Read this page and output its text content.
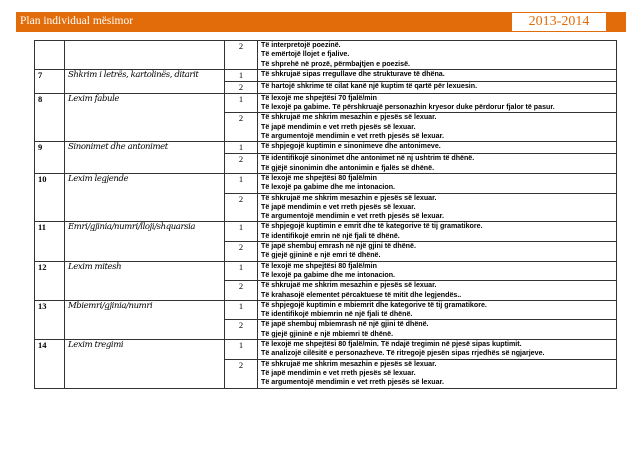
Plan individual mësimor	2013-2014
		2	Të interpretojë poezinë.
Të emërtojë llojet e fjalive.
Të shprehë në prozë, përmbajtjen e poezisë.

7	Shkrim i letrës, kartolinës, ditarit	1	Të shkrujaë sipas rregullave dhe strukturave të dhëna.

		2	Të hartojë shkrime të cilat kanë një kuptim të qartë për lexuesin.

8	Lexim fabule	1	Të lexojë me shpejtësi 70 fjalë/min
Të lexojë pa gabime. Të përshkruajë personazhin kryesor duke përdorur fjalor të pasur.

		2	Të shkrujaë me shkrim mesazhin e pjesës së lexuar.
Të japë mendimin e vet rreth pjesës së lexuar.
Të argumentojë mendimin e vet rreth pjesës së lexuar.

9	Sinonimet dhe antonimet	1	Të shpjegojë kuptimin e sinonimeve dhe antonimeve.

		2	Të identifikojë sinonimet dhe antonimet në nj ushtrim të dhënë.
Të gjëjë sinonimin dhe antonimin e fjalës së dhënë.

10	Lexim legjende	1	Të lexojë me shpejtësi 80 fjalë/min
Të lexojë pa gabime dhe me intonacion.

		2	Të shkrujaë me shkrim mesazhin e pjesës së lexuar.
Të japë mendimin e vet rreth pjesës së lexuar.
Të argumentojë mendimin e vet rreth pjesës së lexuar.

11	Emri/gjinia/numri/lloji/shquarsia	1	Të shpjegojë kuptimin e emrit dhe të kategorive të tij gramatikore.
Të identifikojë emrin në një fjali të dhënë.

		2	Të japë shembuj emrash në një gjini të dhënë.
Të gjejë gjininë e një emri të dhënë.

12	Lexim mitesh	1	Të lexojë me shpejtësi 80 fjalë/min
Të lexojë pa gabime dhe me intonacion.

		2	Të shkrujaë me shkrim mesazhin e pjesës së lexuar.
Të krahasojë elementet përcaktuese të mitit dhe legjendës..

13	Mbiemri/gjinia/numri	1	Të shpjegojë kuptimin e mbiemrit dhe kategorive të tij gramatikore.
Të identifikojë mbiemrin në një fjali të dhënë.

		2	Të japë shembuj mbiemrash në një gjini të dhënë.
Të gjejë gjininë e një mbiemri të dhënë.

14	Lexim tregimi	1	Të lexojë me shpejtësi 80 fjalë/min. Të ndajë tregimin në pjesë sipas kuptimit.
Të analizojë cilësitë e personazheve. Të ritregojë pjesën sipas rrjedhës së ngjarjeve.

		2	Të shkrujaë me shkrim mesazhin e pjesës së lexuar.
Të japë mendimin e vet rreth pjesës së lexuar.
Të argumentojë mendimin e vet rreth pjesës së lexuar.
